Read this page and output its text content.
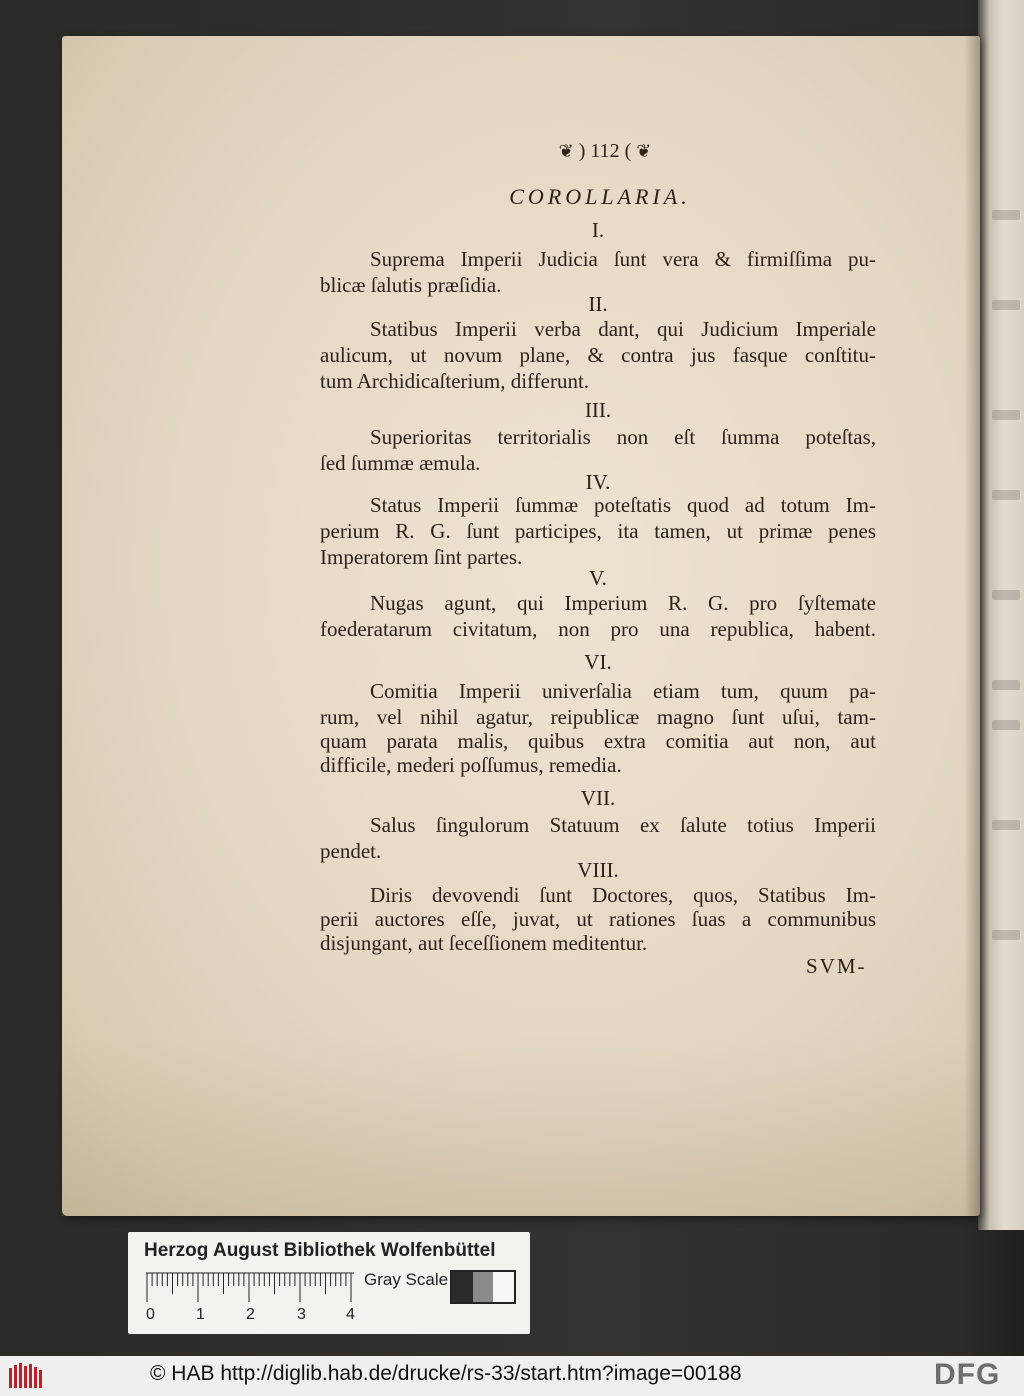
❦ ) 112 ( ❦
COROLLARIA.
I.
Suprema Imperii Judicia ſunt vera & firmiſſima pu-
blicæ ſalutis præſidia.
II.
Statibus Imperii verba dant, qui Judicium Imperiale
aulicum, ut novum plane, & contra jus fasque conſtitu-
tum Archidicaſterium, differunt.
III.
Superioritas territorialis non eſt ſumma poteſtas,
ſed ſummæ æmula.
IV.
Status Imperii ſummæ poteſtatis quod ad totum Im-
perium R. G. ſunt participes, ita tamen, ut primæ penes
Imperatorem ſint partes.
V.
Nugas agunt, qui Imperium R. G. pro ſyſtemate
foederatarum civitatum, non pro una republica, habent.
VI.
Comitia Imperii univerſalia etiam tum, quum pa-
rum, vel nihil agatur, reipublicæ magno ſunt uſui, tam-
quam parata malis, quibus extra comitia aut non, aut
difficile, mederi poſſumus, remedia.
VII.
Salus ſingulorum Statuum ex ſalute totius Imperii
pendet.
VIII.
Diris devovendi ſunt Doctores, quos, Statibus Im-
perii auctores eſſe, juvat, ut rationes ſuas a communibus
disjungant, aut ſeceſſionem meditentur.
SVM-
Herzog August Bibliothek Wolfenbüttel
Gray Scale
0	1	2	3	4
© HAB http://diglib.hab.de/drucke/rs-33/start.htm?image=00188	DFG
